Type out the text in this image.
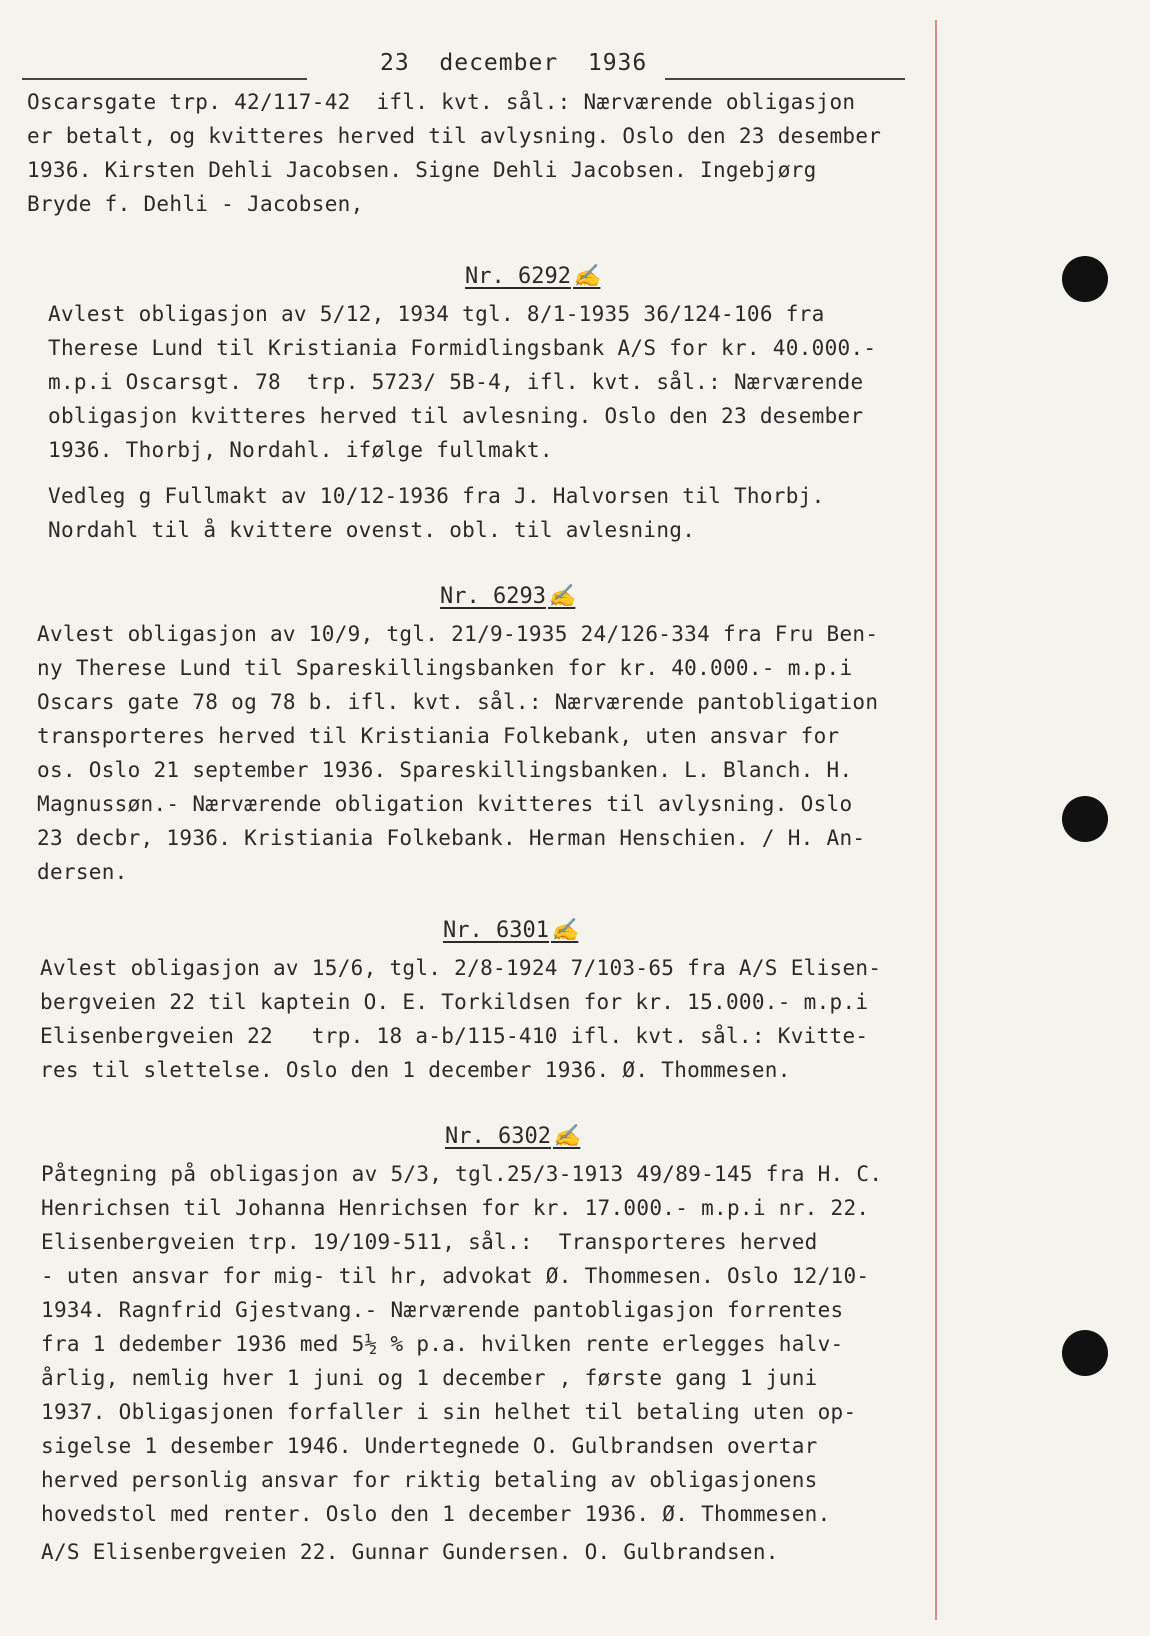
23  december  1936
Oscarsgate trp. 42/117-42  ifl. kvt. sål.: Nærværende obligasjon
er betalt, og kvitteres herved til avlysning. Oslo den 23 desember
1936. Kirsten Dehli Jacobsen. Signe Dehli Jacobsen. Ingebjørg
Bryde f. Dehli - Jacobsen,
Nr. 6292✍
Avlest obligasjon av 5/12, 1934 tgl. 8/1-1935 36/124-106 fra
Therese Lund til Kristiania Formidlingsbank A/S for kr. 40.000.-
m.p.i Oscarsgt. 78  trp. 5723/ 5B-4, ifl. kvt. sål.: Nærværende
obligasjon kvitteres herved til avlesning. Oslo den 23 desember
1936. Thorbj, Nordahl. ifølge fullmakt.
Vedleg g Fullmakt av 10/12-1936 fra J. Halvorsen til Thorbj.
Nordahl til å kvittere ovenst. obl. til avlesning.
Nr. 6293✍
Avlest obligasjon av 10/9, tgl. 21/9-1935 24/126-334 fra Fru Ben-
ny Therese Lund til Spareskillingsbanken for kr. 40.000.- m.p.i
Oscars gate 78 og 78 b. ifl. kvt. sål.: Nærværende pantobligation
transporteres herved til Kristiania Folkebank, uten ansvar for
os. Oslo 21 september 1936. Spareskillingsbanken. L. Blanch. H.
Magnussøn.- Nærværende obligation kvitteres til avlysning. Oslo
23 decbr, 1936. Kristiania Folkebank. Herman Henschien. / H. An-
dersen.
Nr. 6301✍
Avlest obligasjon av 15/6, tgl. 2/8-1924 7/103-65 fra A/S Elisen-
bergveien 22 til kaptein O. E. Torkildsen for kr. 15.000.- m.p.i
Elisenbergveien 22   trp. 18 a-b/115-410 ifl. kvt. sål.: Kvitte-
res til slettelse. Oslo den 1 december 1936. Ø. Thommesen.
Nr. 6302✍
Påtegning på obligasjon av 5/3, tgl.25/3-1913 49/89-145 fra H. C.
Henrichsen til Johanna Henrichsen for kr. 17.000.- m.p.i nr. 22.
Elisenbergveien trp. 19/109-511, sål.:  Transporteres herved
- uten ansvar for mig- til hr, advokat Ø. Thommesen. Oslo 12/10-
1934. Ragnfrid Gjestvang.- Nærværende pantobligasjon forrentes
fra 1 dedember 1936 med 5½ % p.a. hvilken rente erlegges halv-
årlig, nemlig hver 1 juni og 1 december , første gang 1 juni
1937. Obligasjonen forfaller i sin helhet til betaling uten op-
sigelse 1 desember 1946. Undertegnede O. Gulbrandsen overtar
herved personlig ansvar for riktig betaling av obligasjonens
hovedstol med renter. Oslo den 1 december 1936. Ø. Thommesen.
A/S Elisenbergveien 22. Gunnar Gundersen. O. Gulbrandsen.
